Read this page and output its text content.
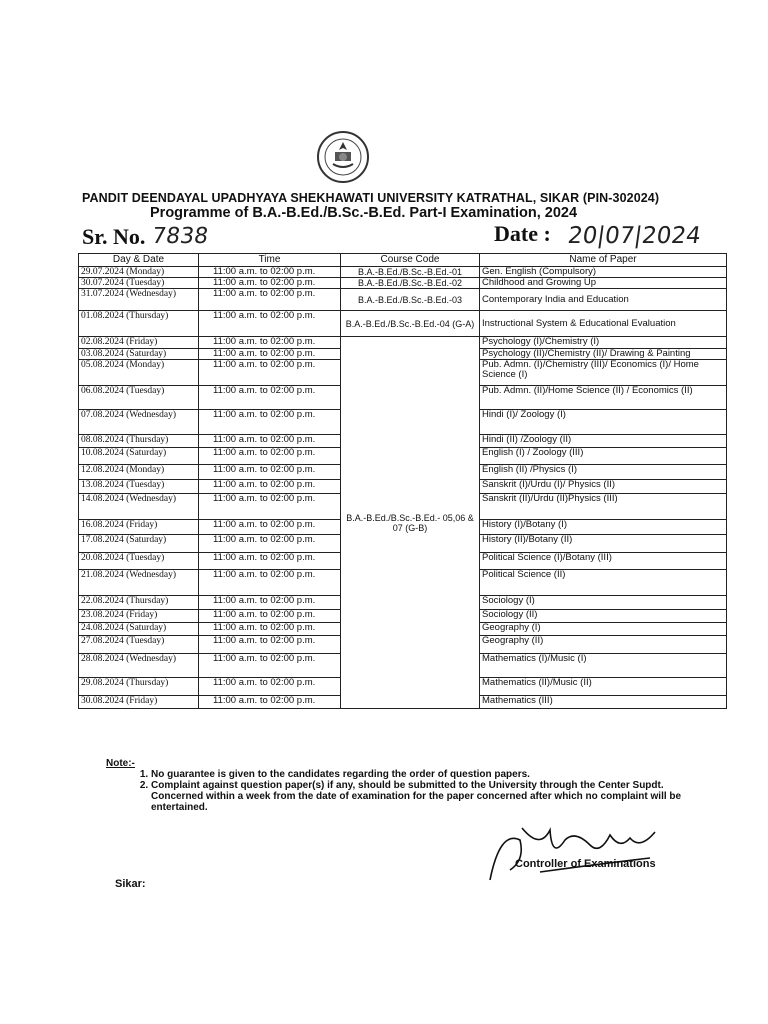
PANDIT DEENDAYAL UPADHYAYA SHEKHAWATI UNIVERSITY KATRATHAL, SIKAR (PIN-302024)
Programme of B.A.-B.Ed./B.Sc.-B.Ed. Part-I Examination, 2024
Sr. No. 7838	Date : 20|07|2024
Day & Date	Time	Course Code	Name of Paper
29.07.2024 (Monday)	11:00 a.m. to 02:00 p.m.	B.A.-B.Ed./B.Sc.-B.Ed.-01	Gen. English (Compulsory)
30.07.2024 (Tuesday)	11:00 a.m. to 02:00 p.m.	B.A.-B.Ed./B.Sc.-B.Ed.-02	Childhood and Growing Up
31.07.2024 (Wednesday)	11:00 a.m. to 02:00 p.m.	B.A.-B.Ed./B.Sc.-B.Ed.-03	Contemporary India and Education
01.08.2024 (Thursday)	11:00 a.m. to 02:00 p.m.	B.A.-B.Ed./B.Sc.-B.Ed.-04 (G-A)	Instructional System & Educational Evaluation
02.08.2024 (Friday)	11:00 a.m. to 02:00 p.m.	B.A.-B.Ed./B.Sc.-B.Ed.- 05,06 & 07 (G-B)	Psychology (I)/Chemistry (I)
03.08.2024 (Saturday)	11:00 a.m. to 02:00 p.m.		Psychology (II)/Chemistry (II)/ Drawing & Painting
05.08.2024 (Monday)	11:00 a.m. to 02:00 p.m.		Pub. Admn. (I)/Chemistry (III)/ Economics (I)/ Home Science (I)
06.08.2024 (Tuesday)	11:00 a.m. to 02:00 p.m.		Pub. Admn. (II)/Home Science (II) / Economics (II)
07.08.2024 (Wednesday)	11:00 a.m. to 02:00 p.m.		Hindi (I)/ Zoology (I)
08.08.2024 (Thursday)	11:00 a.m. to 02:00 p.m.		Hindi (II) /Zoology (II)
10.08.2024 (Saturday)	11:00 a.m. to 02:00 p.m.		English (I) / Zoology (III)
12.08.2024 (Monday)	11:00 a.m. to 02:00 p.m.		English (II) /Physics (I)
13.08.2024 (Tuesday)	11:00 a.m. to 02:00 p.m.		Sanskrit (I)/Urdu (I)/ Physics (II)
14.08.2024 (Wednesday)	11:00 a.m. to 02:00 p.m.		Sanskrit (II)/Urdu (II)Physics (III)
16.08.2024 (Friday)	11:00 a.m. to 02:00 p.m.		History (I)/Botany (I)
17.08.2024 (Saturday)	11:00 a.m. to 02:00 p.m.		History (II)/Botany (II)
20.08.2024 (Tuesday)	11:00 a.m. to 02:00 p.m.		Political Science (I)/Botany (III)
21.08.2024 (Wednesday)	11:00 a.m. to 02:00 p.m.		Political Science (II)
22.08.2024 (Thursday)	11:00 a.m. to 02:00 p.m.		Sociology (I)
23.08.2024 (Friday)	11:00 a.m. to 02:00 p.m.		Sociology (II)
24.08.2024 (Saturday)	11:00 a.m. to 02:00 p.m.		Geography (I)
27.08.2024 (Tuesday)	11:00 a.m. to 02:00 p.m.		Geography (II)
28.08.2024 (Wednesday)	11:00 a.m. to 02:00 p.m.		Mathematics (I)/Music (I)
29.08.2024 (Thursday)	11:00 a.m. to 02:00 p.m.		Mathematics (II)/Music (II)
30.08.2024 (Friday)	11:00 a.m. to 02:00 p.m.		Mathematics (III)
Note:-
1. No guarantee is given to the candidates regarding the order of question papers.
2. Complaint against question paper(s) if any, should be submitted to the University through the Center Supdt. Concerned within a week from the date of examination for the paper concerned after which no complaint will be entertained.
Controller of Examinations
Sikar:
